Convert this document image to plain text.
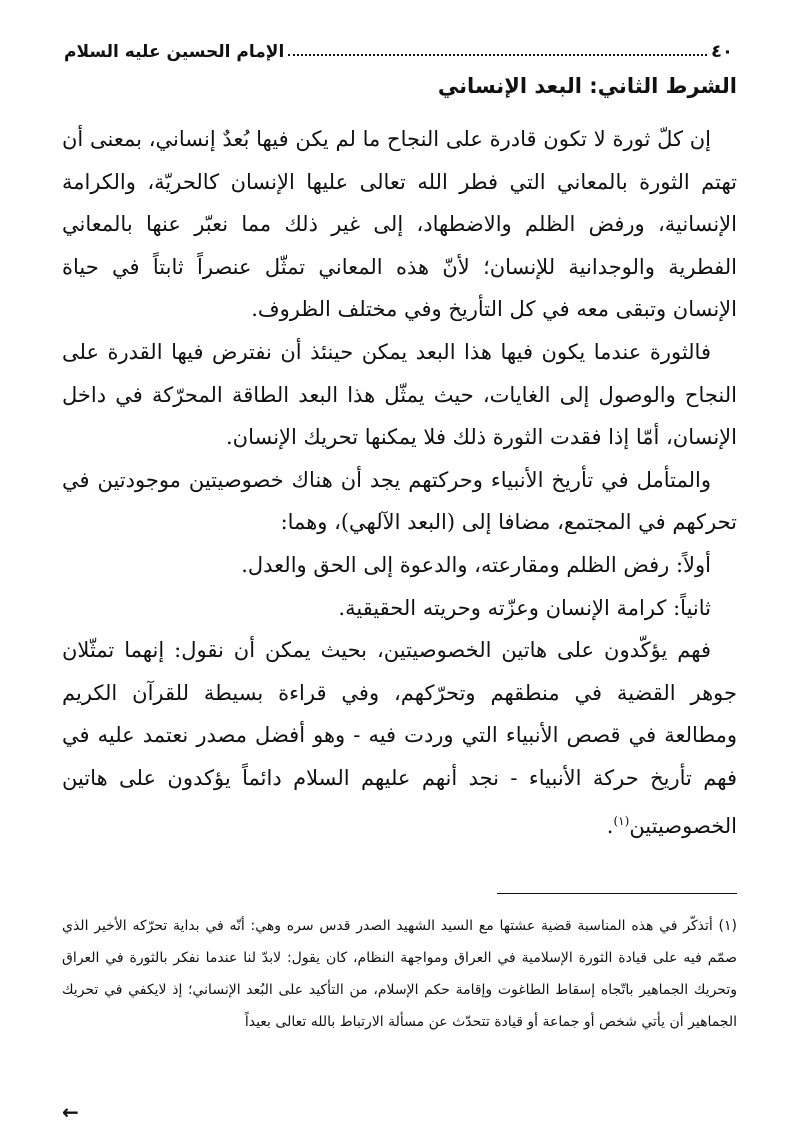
الإمام الحسين عليه السلام	٤٠
الشرط الثاني: البعد الإنساني

إن كلّ ثورة لا تكون قادرة على النجاح ما لم يكن فيها بُعدٌ إنساني، بمعنى أن تهتم الثورة بالمعاني التي فطر الله تعالى عليها الإنسان كالحريّة، والكرامة الإنسانية، ورفض الظلم والاضطهاد، إلى غير ذلك مما نعبّر عنها بالمعاني الفطرية والوجدانية للإنسان؛ لأنّ هذه المعاني تمثّل عنصراً ثابتاً في حياة الإنسان وتبقى معه في كل التأريخ وفي مختلف الظروف.

فالثورة عندما يكون فيها هذا البعد يمكن حينئذ أن نفترض فيها القدرة على النجاح والوصول إلى الغايات، حيث يمثّل هذا البعد الطاقة المحرّكة في داخل الإنسان، أمّا إذا فقدت الثورة ذلك فلا يمكنها تحريك الإنسان.

والمتأمل في تأريخ الأنبياء وحركتهم يجد أن هناك خصوصيتين موجودتين في تحركهم في المجتمع، مضافا إلى (البعد الآلهي)، وهما:

أولاً: رفض الظلم ومقارعته، والدعوة إلى الحق والعدل.

ثانياً: كرامة الإنسان وعزّته وحريته الحقيقية.

فهم يؤكّدون على هاتين الخصوصيتين، بحيث يمكن أن نقول: إنهما تمثّلان جوهر القضية في منطقهم وتحرّكهم، وفي قراءة بسيطة للقرآن الكريم ومطالعة في قصص الأنبياء التي وردت فيه - وهو أفضل مصدر نعتمد عليه في فهم تأريخ حركة الأنبياء - نجد أنهم عليهم السلام دائماً يؤكدون على هاتين الخصوصيتين$^{(١)}$.

(١) أتذكّر في هذه المناسبة قضية عشتها مع السيد الشهيد الصدر قدس سره وهي: أنّه في بداية تحرّكه الأخير الذي صمّم فيه على قيادة الثورة الإسلامية في العراق ومواجهة النظام، كان يقول: لابدّ لنا عندما نفكر بالثورة في العراق وتحريك الجماهير باتّجاه إسقاط الطاغوت وإقامة حكم الإسلام، من التأكيد على البُعد الإنساني؛ إذ لايكفي في تحريك الجماهير أن يأتي شخص أو جماعة أو قيادة تتحدّث عن مسألة الارتباط بالله تعالى بعيداً

←
